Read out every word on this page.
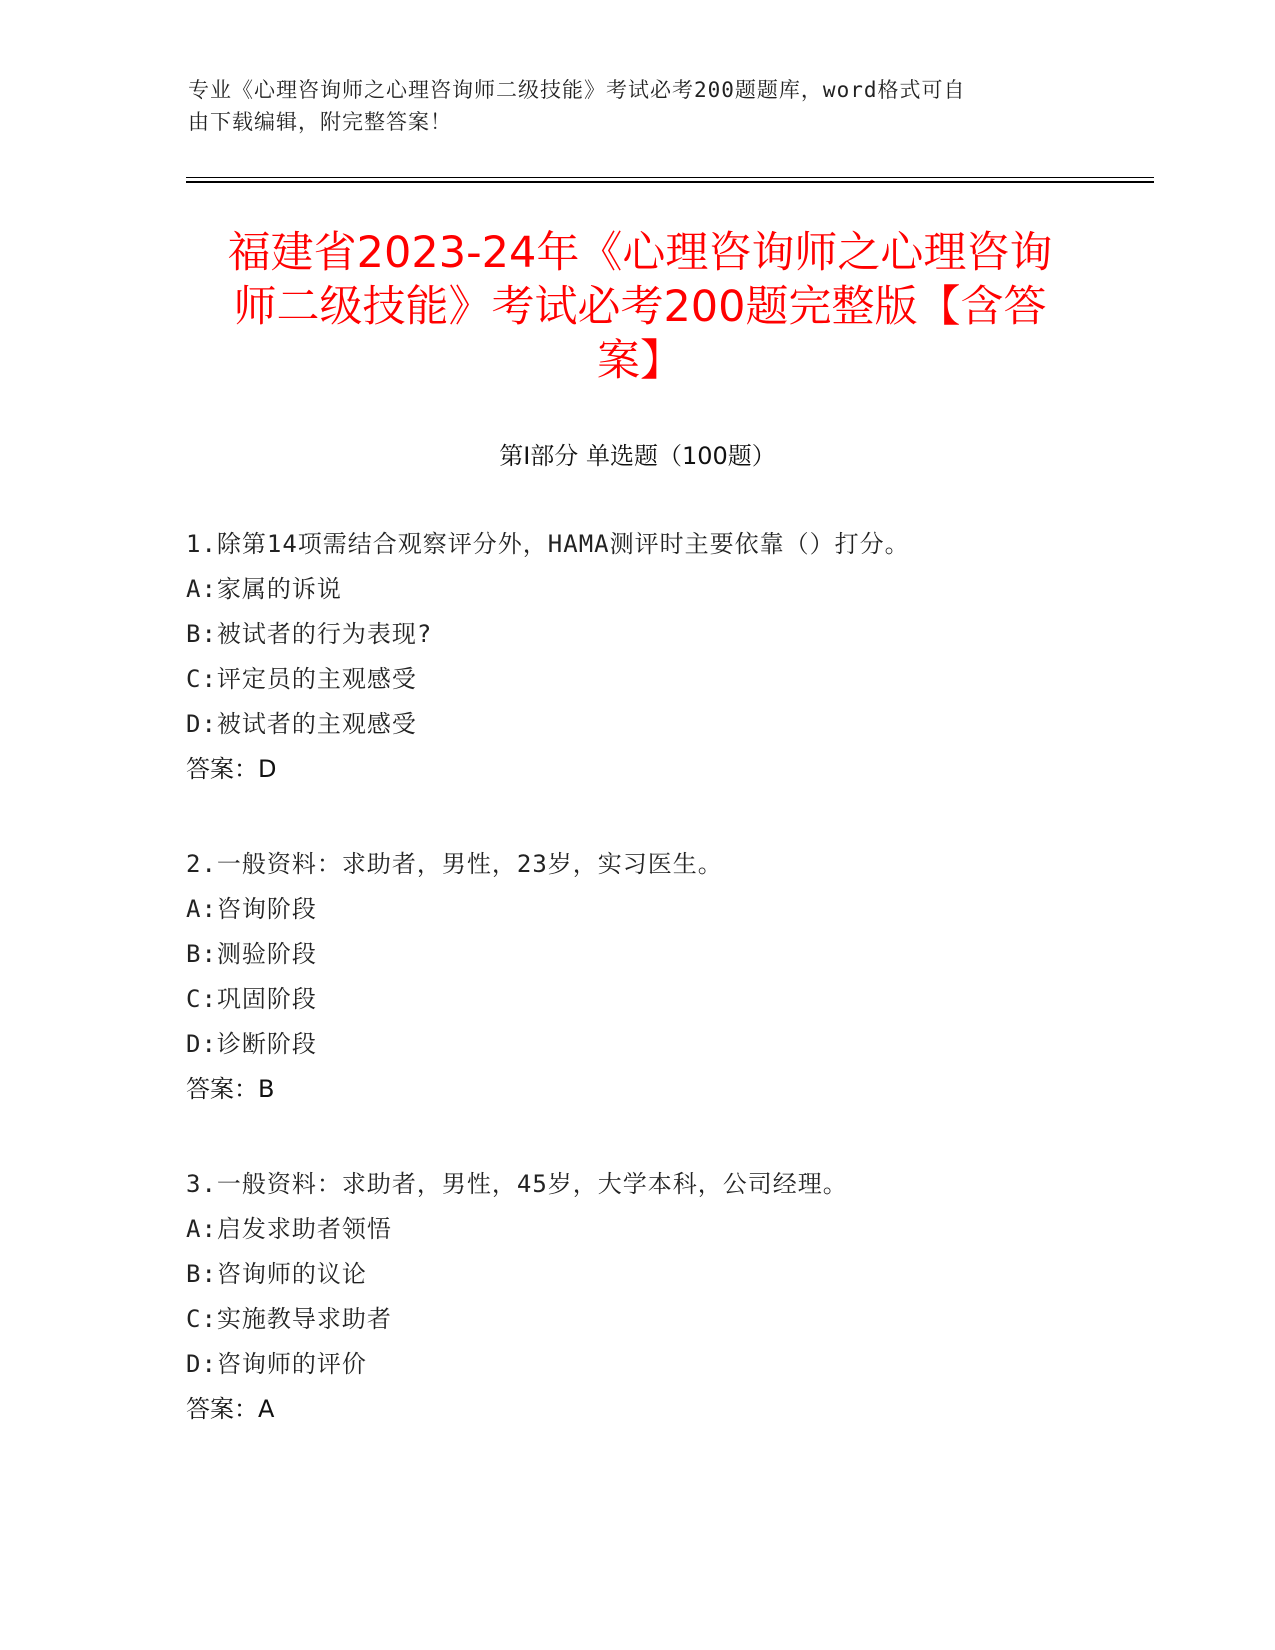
专业《心理咨询师之心理咨询师二级技能》考试必考200题题库，word格式可自
由下载编辑，附完整答案！
福建省2023-24年《心理咨询师之心理咨询
师二级技能》考试必考200题完整版【含答
案】
第I部分 单选题（100题）
1.除第14项需结合观察评分外，HAMA测评时主要依靠（）打分。
A:家属的诉说
B:被试者的行为表现?
C:评定员的主观感受
D:被试者的主观感受
答案：D
2.一般资料：求助者，男性，23岁，实习医生。
A:咨询阶段
B:测验阶段
C:巩固阶段
D:诊断阶段
答案：B
3.一般资料：求助者，男性，45岁，大学本科，公司经理。
A:启发求助者领悟
B:咨询师的议论
C:实施教导求助者
D:咨询师的评价
答案：A
